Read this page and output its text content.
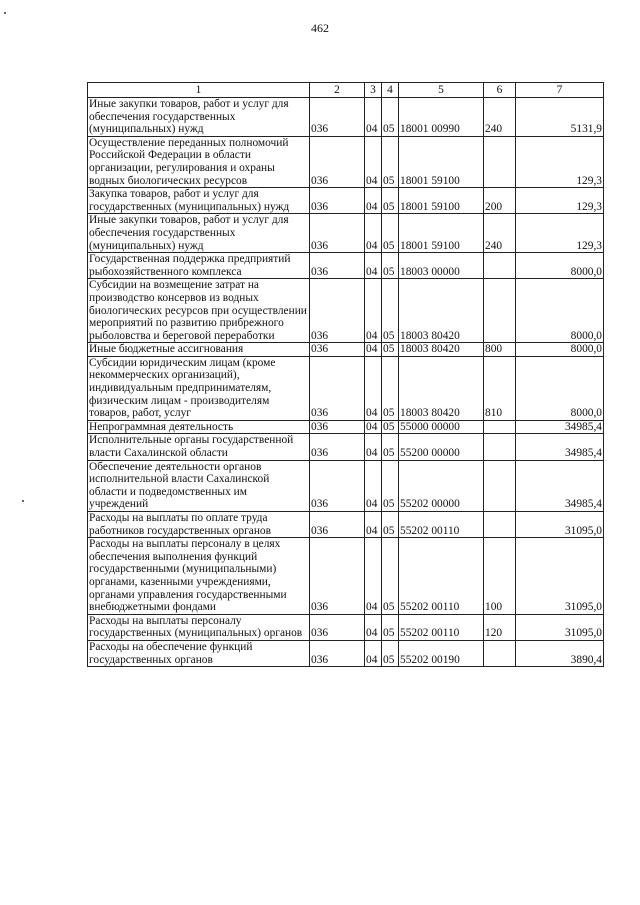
462
1	2	3	4	5	6	7
Иные закупки товаров, работ и услуг для обеспечения государственных (муниципальных) нужд	036	04	05	18001 00990	240	5131,9
Осуществление переданных полномочий Российской Федерации в области организации, регулирования и охраны водных биологических ресурсов	036	04	05	18001 59100		129,3
Закупка товаров, работ и услуг для государственных (муниципальных) нужд	036	04	05	18001 59100	200	129,3
Иные закупки товаров, работ и услуг для обеспечения государственных (муниципальных) нужд	036	04	05	18001 59100	240	129,3
Государственная поддержка предприятий рыбохозяйственного комплекса	036	04	05	18003 00000		8000,0
Субсидии на возмещение затрат на производство консервов из водных биологических ресурсов при осуществлении мероприятий по развитию прибрежного рыболовства и береговой переработки	036	04	05	18003 80420		8000,0
Иные бюджетные ассигнования	036	04	05	18003 80420	800	8000,0
Субсидии юридическим лицам (кроме некоммерческих организаций), индивидуальным предпринимателям, физическим лицам - производителям товаров, работ, услуг	036	04	05	18003 80420	810	8000,0
Непрограммная деятельность	036	04	05	55000 00000		34985,4
Исполнительные органы государственной власти Сахалинской области	036	04	05	55200 00000		34985,4
Обеспечение деятельности органов исполнительной власти Сахалинской области и подведомственных им учреждений	036	04	05	55202 00000		34985,4
Расходы на выплаты по оплате труда работников государственных органов	036	04	05	55202 00110		31095,0
Расходы на выплаты персоналу в целях обеспечения выполнения функций государственными (муниципальными) органами, казенными учреждениями, органами управления государственными внебюджетными фондами	036	04	05	55202 00110	100	31095,0
Расходы на выплаты персоналу государственных (муниципальных) органов	036	04	05	55202 00110	120	31095,0
Расходы на обеспечение функций государственных органов	036	04	05	55202 00190		3890,4
